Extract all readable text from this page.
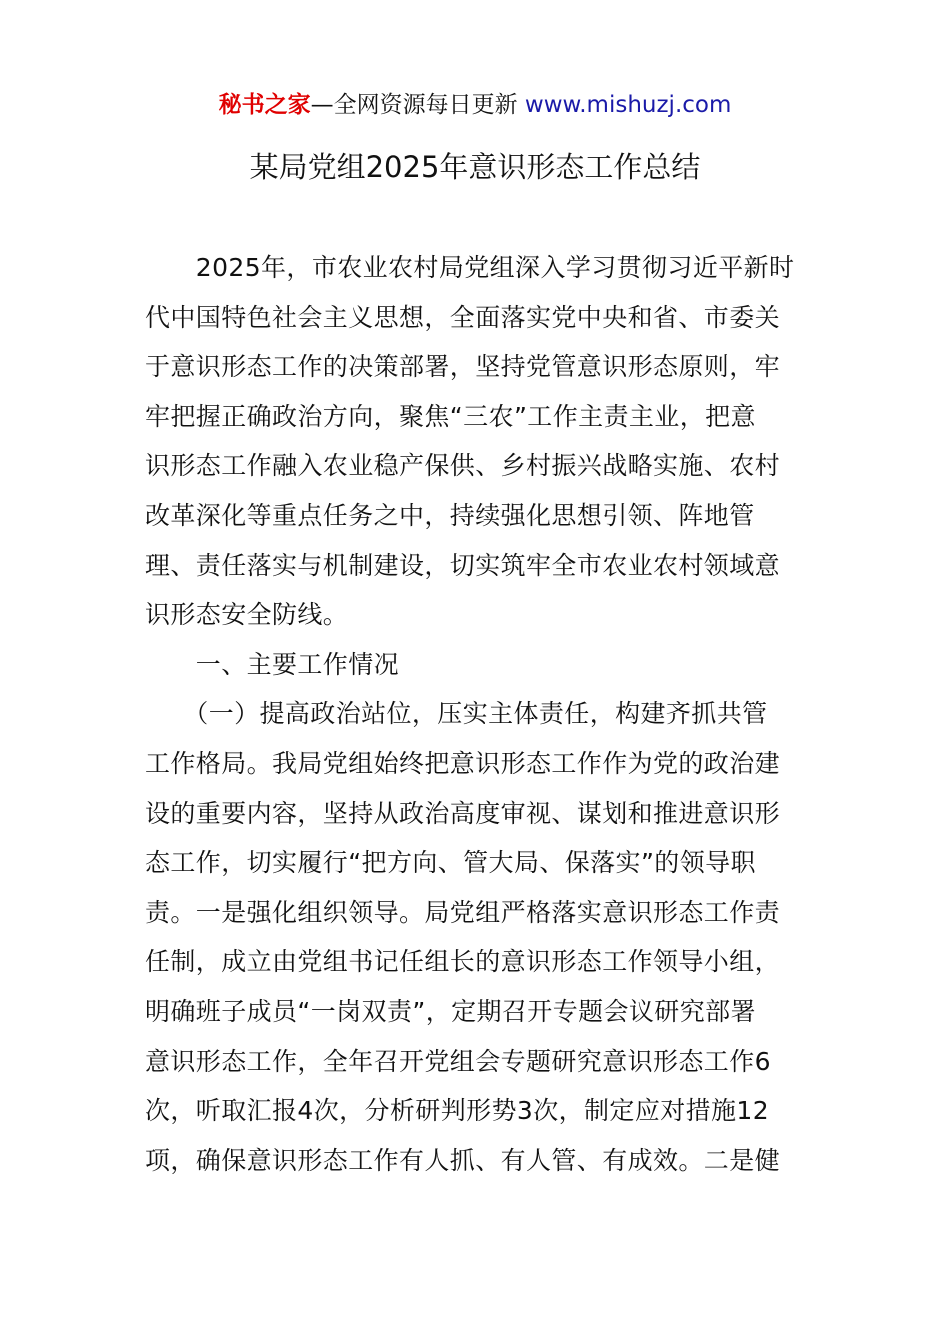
秘书之家—全网资源每日更新 www.mishuzj.com
某局党组2025年意识形态工作总结

　　2025年，市农业农村局党组深入学习贯彻习近平新时

代中国特色社会主义思想，全面落实党中央和省、市委关

于意识形态工作的决策部署，坚持党管意识形态原则，牢

牢把握正确政治方向，聚焦“三农”工作主责主业，把意

识形态工作融入农业稳产保供、乡村振兴战略实施、农村

改革深化等重点任务之中，持续强化思想引领、阵地管

理、责任落实与机制建设，切实筑牢全市农业农村领域意

识形态安全防线。

　　一、主要工作情况

　　（一）提高政治站位，压实主体责任，构建齐抓共管

工作格局。我局党组始终把意识形态工作作为党的政治建

设的重要内容，坚持从政治高度审视、谋划和推进意识形

态工作，切实履行“把方向、管大局、保落实”的领导职

责。一是强化组织领导。局党组严格落实意识形态工作责

任制，成立由党组书记任组长的意识形态工作领导小组，

明确班子成员“一岗双责”，定期召开专题会议研究部署

意识形态工作，全年召开党组会专题研究意识形态工作6

次，听取汇报4次，分析研判形势3次，制定应对措施12

项，确保意识形态工作有人抓、有人管、有成效。二是健
